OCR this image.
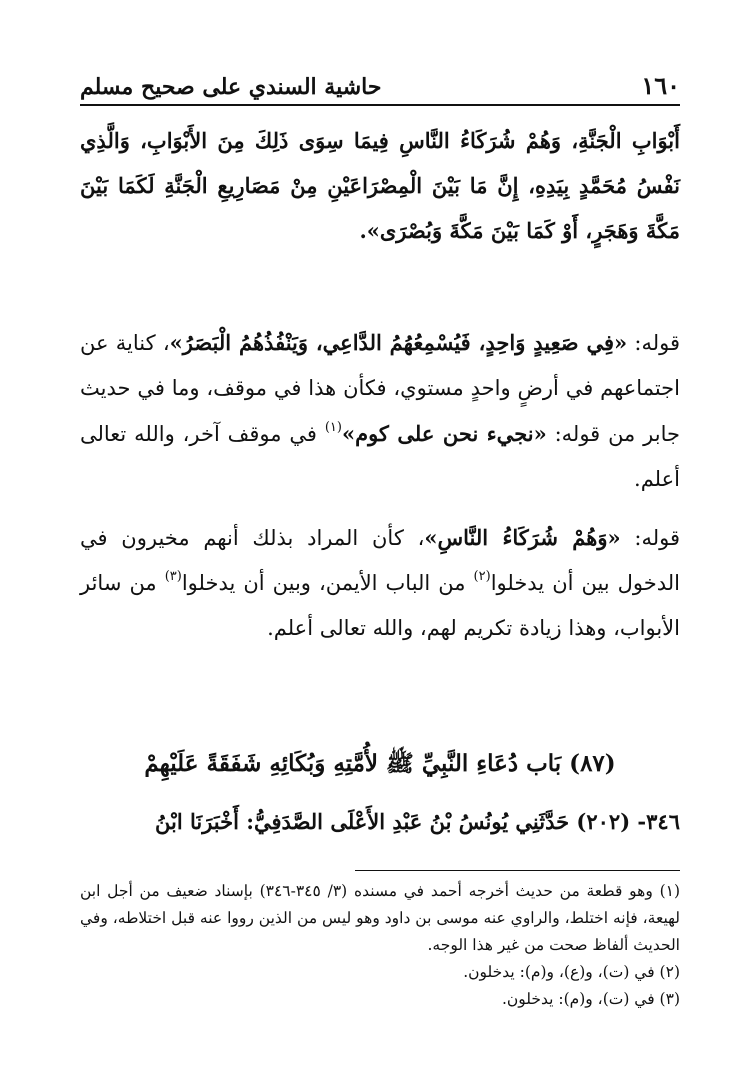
١٦٠
حاشية السندي على صحيح مسلم
أَبْوَابِ الْجَنَّةِ، وَهُمْ شُرَكَاءُ النَّاسِ فِيمَا سِوَى ذَلِكَ مِنَ الأَبْوَابِ، وَالَّذِي نَفْسُ مُحَمَّدٍ بِيَدِهِ، إِنَّ مَا بَيْنَ الْمِصْرَاعَيْنِ مِنْ مَصَارِيعِ الْجَنَّةِ لَكَمَا بَيْنَ مَكَّةَ وَهَجَرٍ، أَوْ كَمَا بَيْنَ مَكَّةَ وَبُصْرَى».
قوله: «فِي صَعِيدٍ وَاحِدٍ، فَيُسْمِعُهُمُ الدَّاعِي، وَيَنْفُذُهُمُ الْبَصَرُ»، كناية عن اجتماعهم في أرضٍ واحدٍ مستوي، فكأن هذا في موقف، وما في حديث جابر من قوله: «نجيء نحن على كوم»$^{(١)}$ في موقف آخر، والله تعالى أعلم.
قوله: «وَهُمْ شُرَكَاءُ النَّاسِ»، كأن المراد بذلك أنهم مخيرون في الدخول بين أن يدخلوا$^{(٢)}$ من الباب الأيمن، وبين أن يدخلوا$^{(٣)}$ من سائر الأبواب، وهذا زيادة تكريم لهم، والله تعالى أعلم.
(٨٧) بَاب دُعَاءِ النَّبِيِّ ﷺ لأُمَّتِهِ وَبُكَائِهِ شَفَقَةً عَلَيْهِمْ
٣٤٦- (٢٠٢) حَدَّثَنِي يُونُسُ بْنُ عَبْدِ الأَعْلَى الصَّدَفِيُّ: أَخْبَرَنَا ابْنُ

(١) وهو قطعة من حديث أخرجه أحمد في مسنده (٣/ ٣٤٥-٣٤٦) بإسناد ضعيف من أجل ابن لهيعة، فإنه اختلط، والراوي عنه موسى بن داود وهو ليس من الذين رووا عنه قبل اختلاطه، وفي الحديث ألفاظ صحت من غير هذا الوجه.

(٢) في (ت)، و(ع)، و(م): يدخلون.

(٣) في (ت)، و(م): يدخلون.
